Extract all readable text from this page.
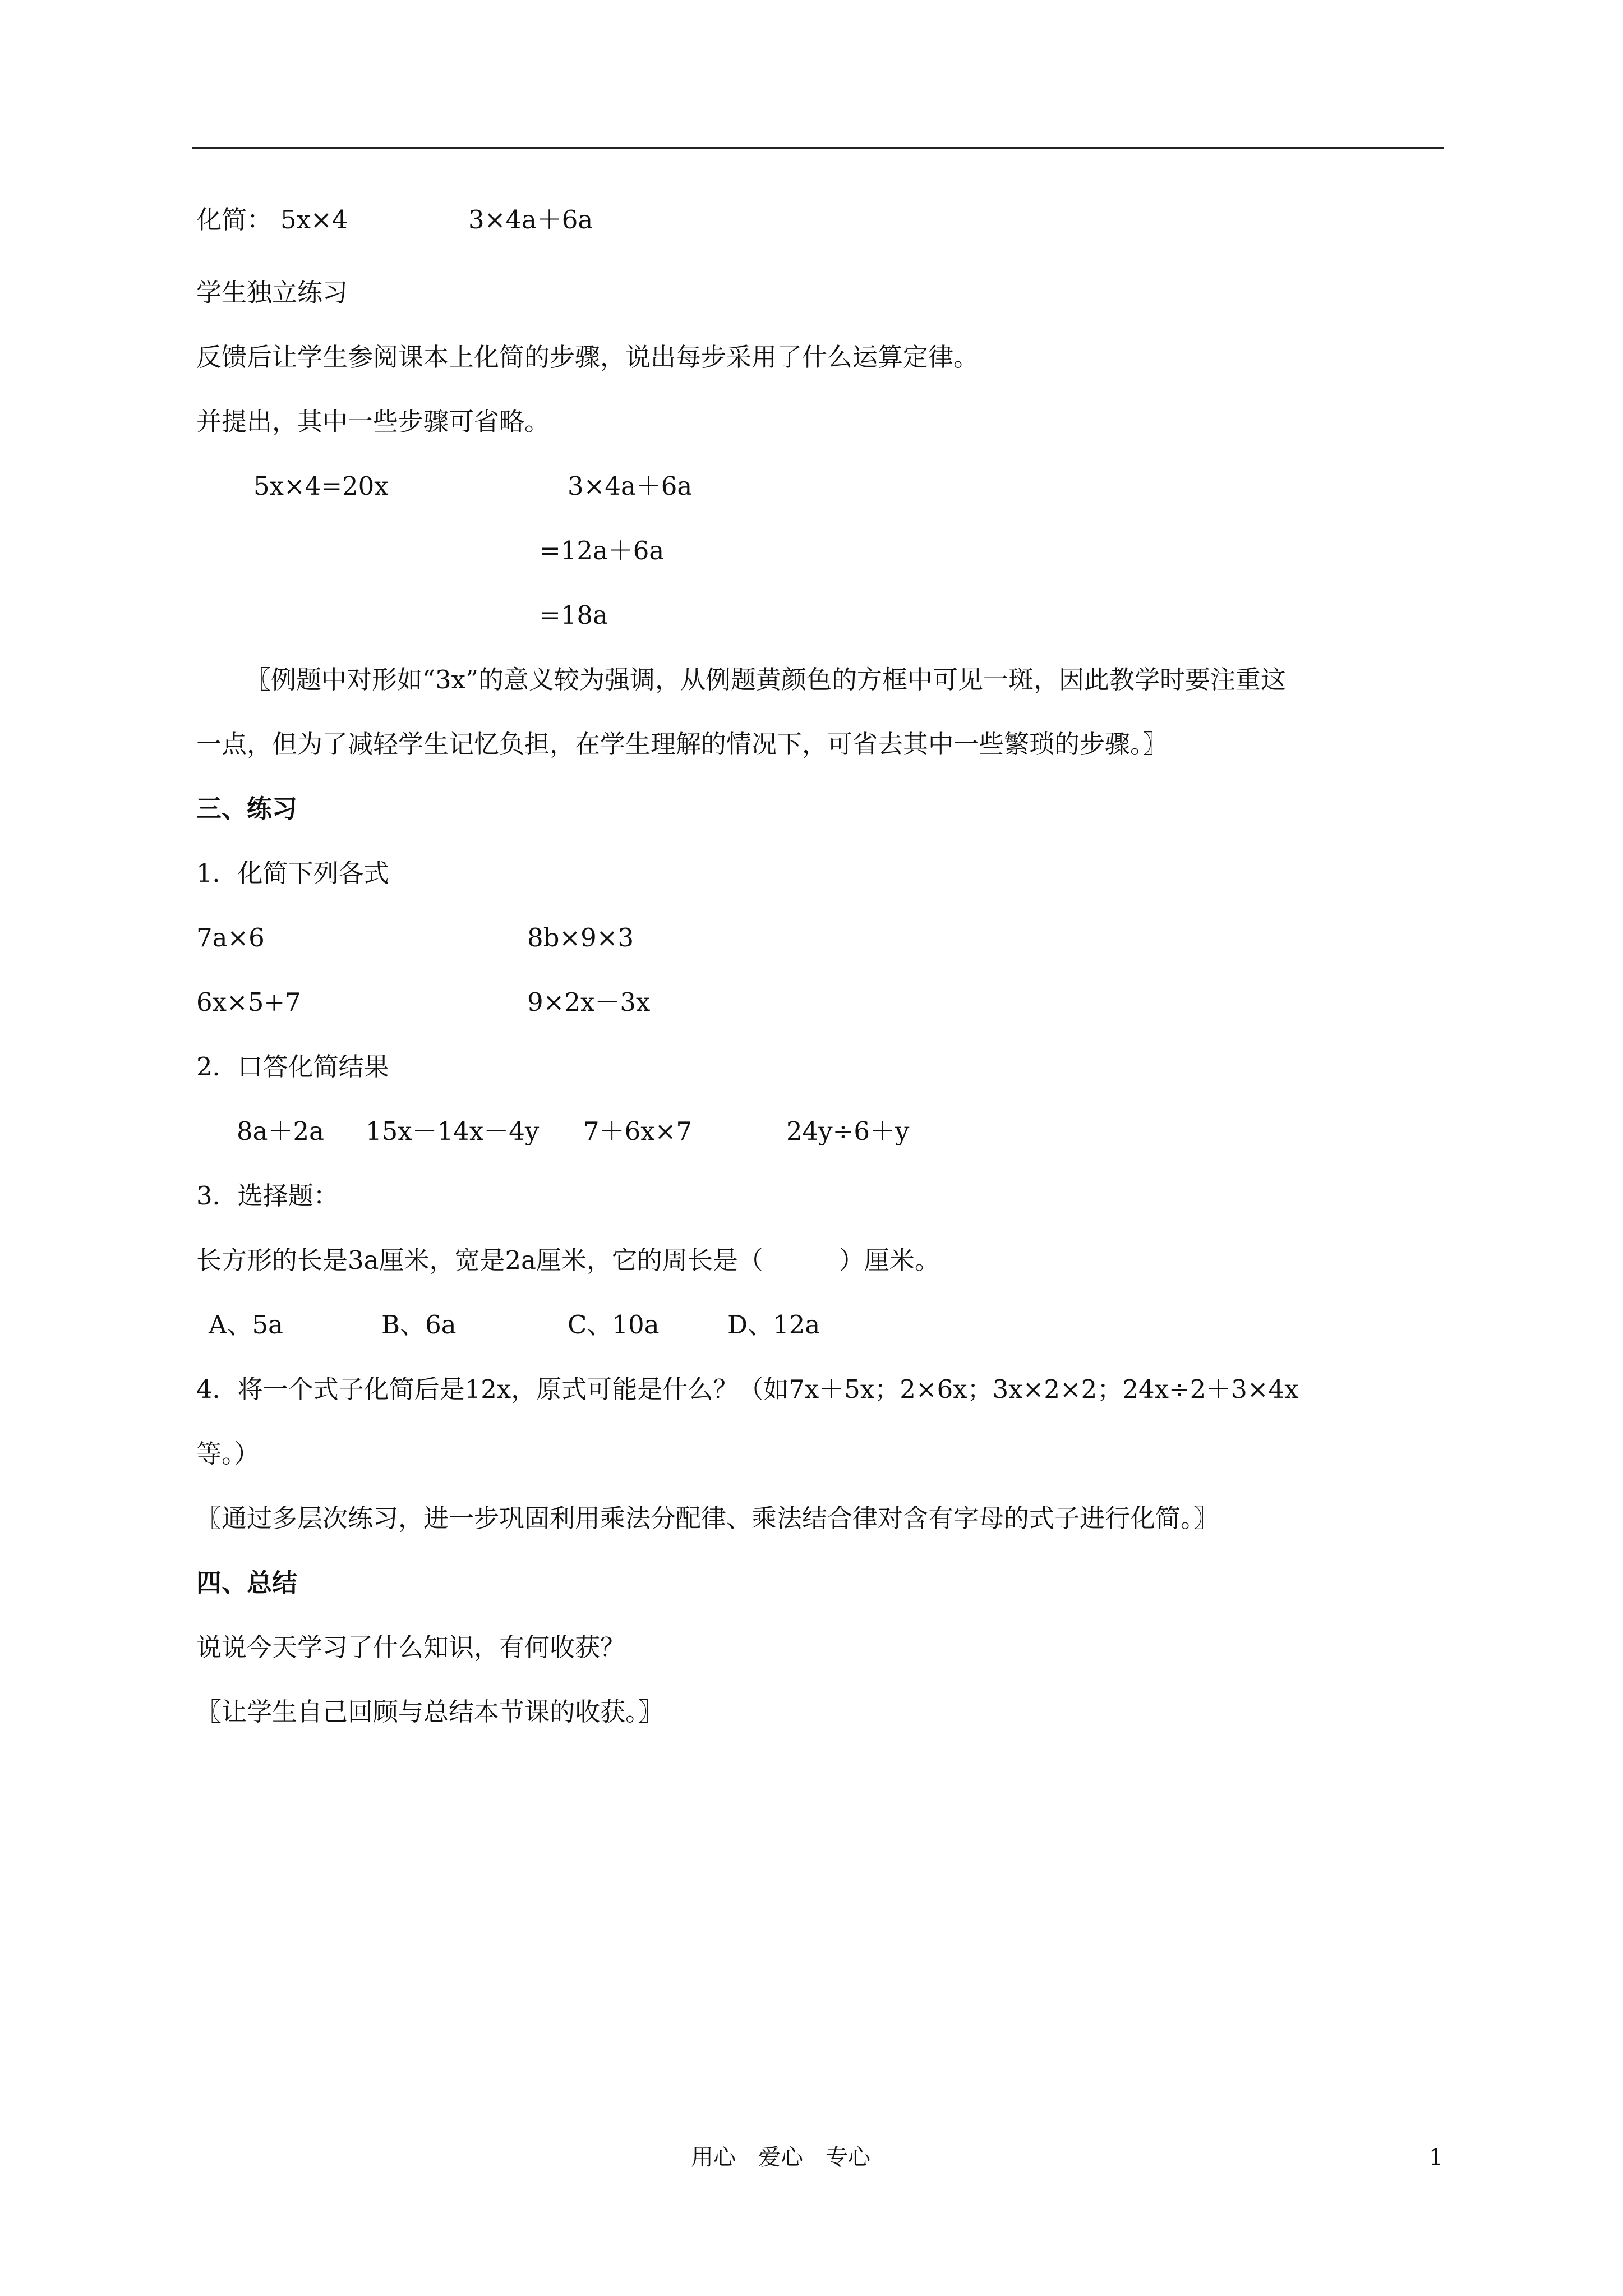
化简： 5x×4	3×4a＋6a
学生独立练习
反馈后让学生参阅课本上化简的步骤，说出每步采用了什么运算定律。
并提出，其中一些步骤可省略。
5x×4=20x	3×4a＋6a
=12a＋6a
=18a
〖例题中对形如“3x”的意义较为强调，从例题黄颜色的方框中可见一斑，因此教学时要注重这
一点，但为了减轻学生记忆负担，在学生理解的情况下，可省去其中一些繁琐的步骤。〗
三、练习
1．化简下列各式
7a×6	8b×9×3
6x×5+7	9×2x－3x
2．口答化简结果
8a＋2a 15x－14x－4y 7＋6x×7	24y÷6＋y
3．选择题：
长方形的长是3a厘米，宽是2a厘米，它的周长是（　　　）厘米。
A、5a	B、6a	C、10a	D、12a
4．将一个式子化简后是12x，原式可能是什么？（如7x＋5x；2×6x；3x×2×2；24x÷2＋3×4x
等。）
〖通过多层次练习，进一步巩固利用乘法分配律、乘法结合律对含有字母的式子进行化简。〗
四、总结
说说今天学习了什么知识，有何收获？
〖让学生自己回顾与总结本节课的收获。〗
用心　爱心　专心	1
